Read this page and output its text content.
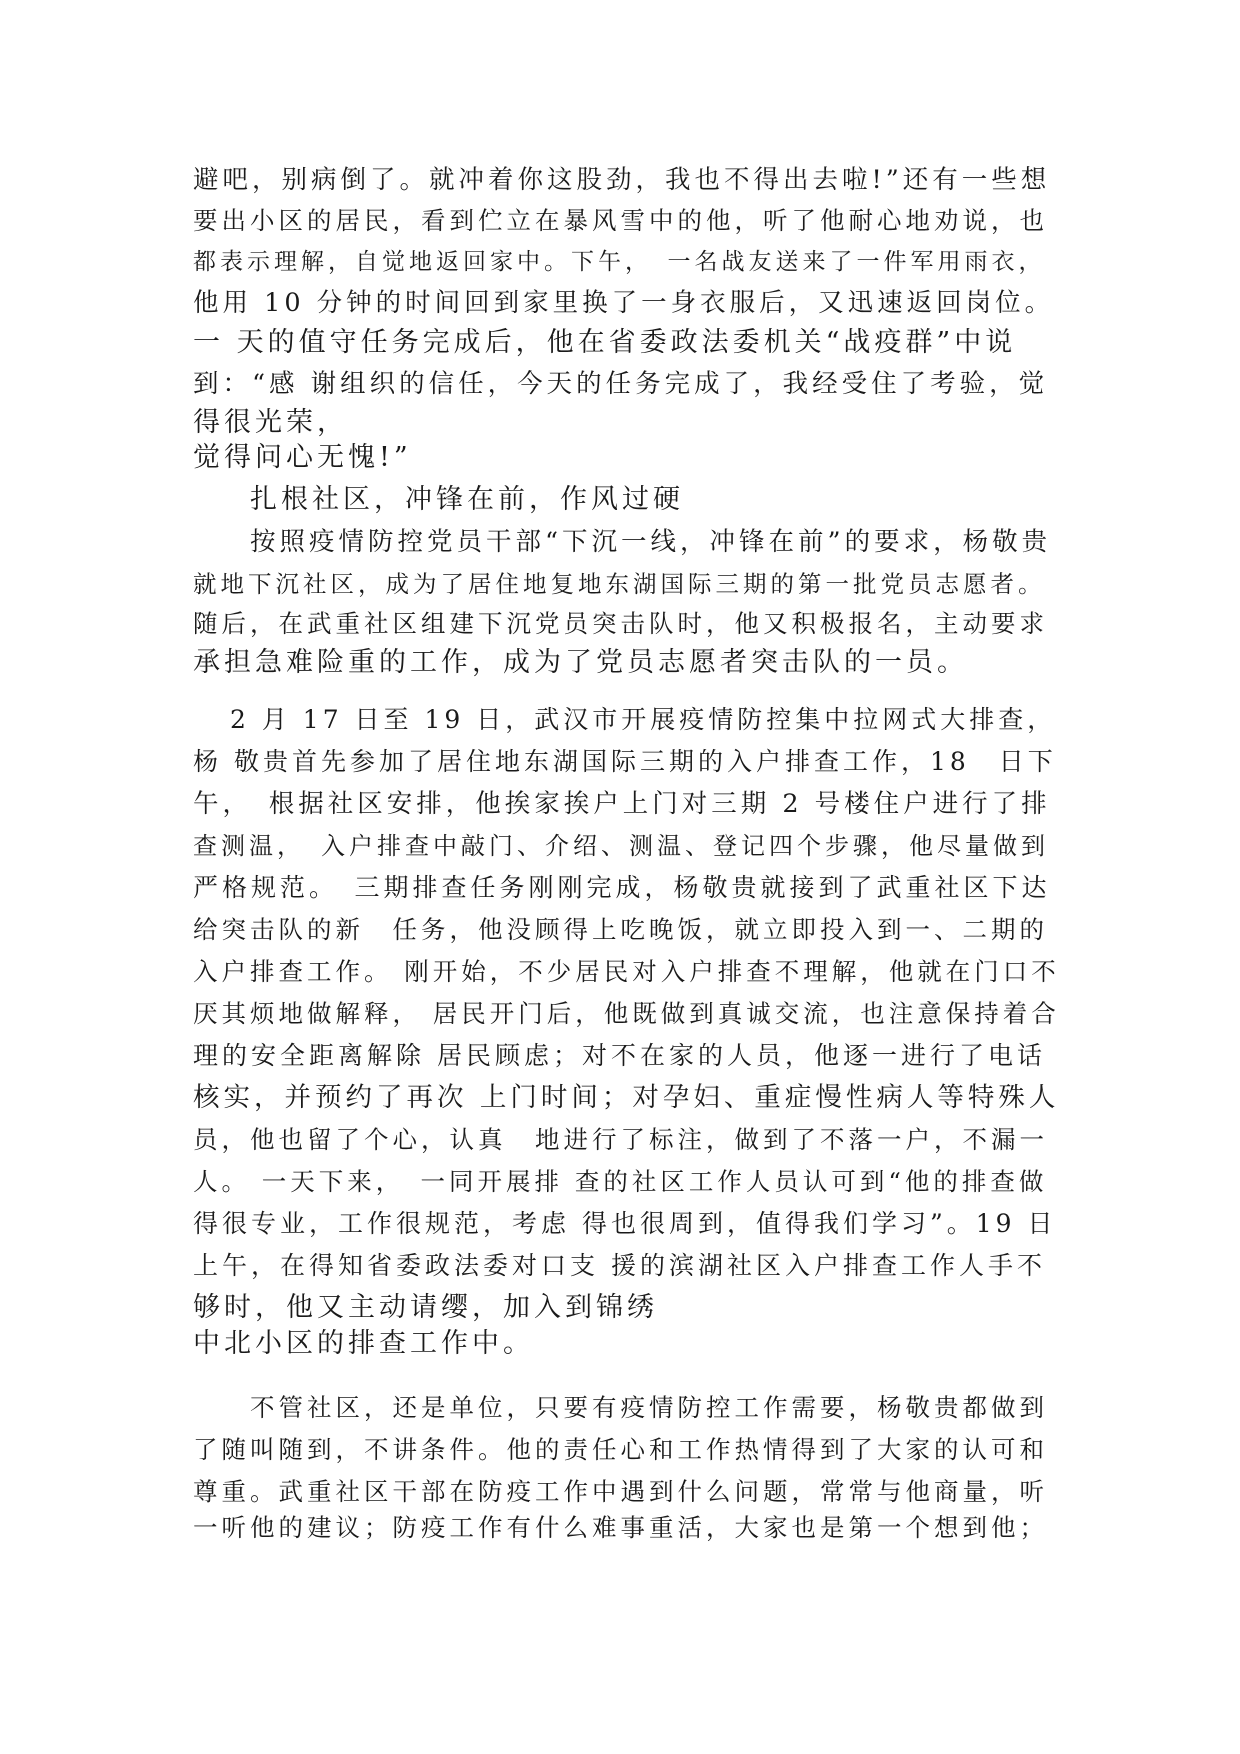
避吧，别病倒了。就冲着你这股劲，我也不得出去啦!”还有一些想

要出小区的居民，看到伫立在暴风雪中的他，听了他耐心地劝说，也

都表示理解，自觉地返回家中。下午，　一名战友送来了一件军用雨衣，

他用 10 分钟的时间回到家里换了一身衣服后，又迅速返回岗位。

一 天的值守任务完成后，他在省委政法委机关“战疫群”中说

到：“感 谢组织的信任，今天的任务完成了，我经受住了考验，觉

得很光荣，

觉得问心无愧!”

扎根社区，冲锋在前，作风过硬

按照疫情防控党员干部“下沉一线，冲锋在前”的要求，杨敬贵

就地下沉社区，成为了居住地复地东湖国际三期的第一批党员志愿者。

随后，在武重社区组建下沉党员突击队时，他又积极报名，主动要求

承担急难险重的工作，成为了党员志愿者突击队的一员。

2 月 17 日至 19 日，武汉市开展疫情防控集中拉网式大排查，

杨 敬贵首先参加了居住地东湖国际三期的入户排查工作，18　日下

午，　根据社区安排，他挨家挨户上门对三期 2 号楼住户进行了排

查测温，　入户排查中敲门、介绍、测温、登记四个步骤，他尽量做到

严格规范。　三期排查任务刚刚完成，杨敬贵就接到了武重社区下达

给突击队的新　任务，他没顾得上吃晚饭，就立即投入到一、二期的

入户排查工作。 刚开始，不少居民对入户排查不理解，他就在门口不

厌其烦地做解释， 居民开门后，他既做到真诚交流，也注意保持着合

理的安全距离解除 居民顾虑；对不在家的人员，他逐一进行了电话

核实，并预约了再次 上门时间；对孕妇、重症慢性病人等特殊人

员，他也留了个心，认真　地进行了标注，做到了不落一户，不漏一

人。 一天下来，　一同开展排 查的社区工作人员认可到“他的排查做

得很专业，工作很规范，考虑 得也很周到，值得我们学习”。19 日

上午，在得知省委政法委对口支 援的滨湖社区入户排查工作人手不

够时，他又主动请缨，加入到锦绣

中北小区的排查工作中。

不管社区，还是单位，只要有疫情防控工作需要，杨敬贵都做到

了随叫随到，不讲条件。他的责任心和工作热情得到了大家的认可和

尊重。武重社区干部在防疫工作中遇到什么问题，常常与他商量，听

一听他的建议；防疫工作有什么难事重活，大家也是第一个想到他；
